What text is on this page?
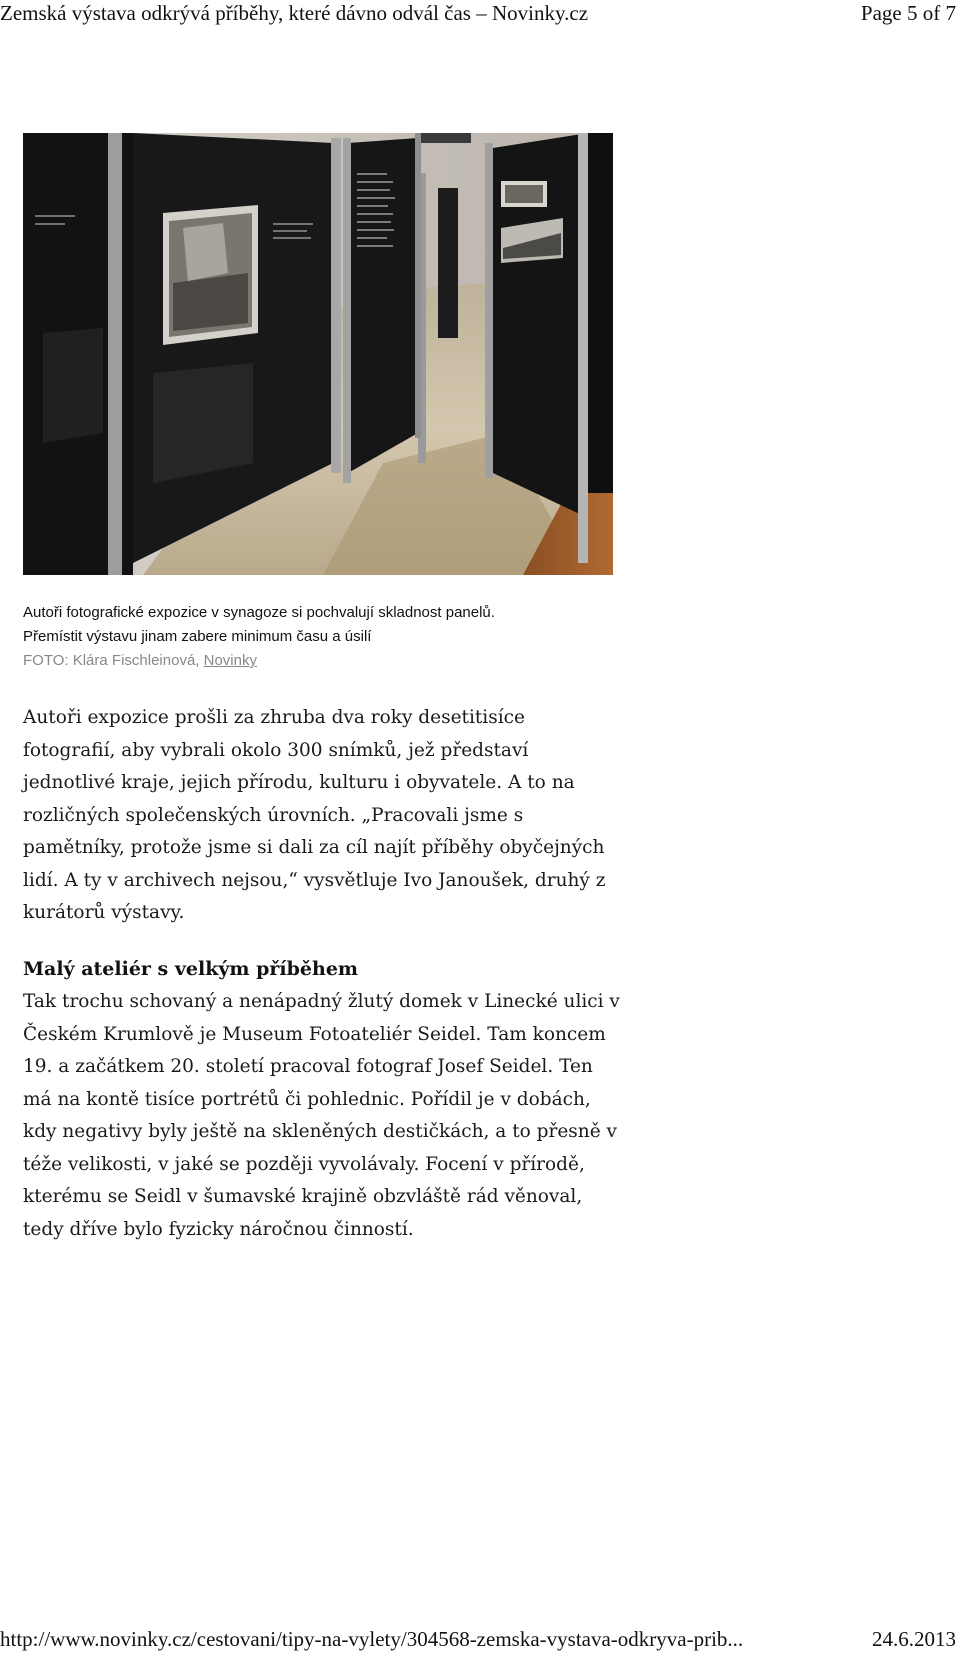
Zemská výstava odkrývá příběhy, které dávno odvál čas – Novinky.cz	Page 5 of 7
Autoři fotografické expozice v synagoze si pochvalují skladnost panelů.
Přemístit výstavu jinam zabere minimum času a úsilí
FOTO: Klára Fischleinová, Novinky

Autoři expozice prošli za zhruba dva roky desetitisíce fotografií, aby vybrali okolo 300 snímků, jež představí jednotlivé kraje, jejich přírodu, kulturu i obyvatele. A to na rozličných společenských úrovních. „Pracovali jsme s pamětníky, protože jsme si dali za cíl najít příběhy obyčejných lidí. A ty v archivech nejsou,“ vysvětluje Ivo Janoušek, druhý z kurátorů výstavy.

Malý ateliér s velkým příběhem

Tak trochu schovaný a nenápadný žlutý domek v Linecké ulici v Českém Krumlově je Museum Fotoateliér Seidel. Tam koncem 19. a začátkem 20. století pracoval fotograf Josef Seidel. Ten má na kontě tisíce portrétů či pohlednic. Pořídil je v dobách, kdy negativy byly ještě na skleněných destičkách, a to přesně v téže velikosti, v jaké se později vyvolávaly. Focení v přírodě, kterému se Seidl v šumavské krajině obzvláště rád věnoval, tedy dříve bylo fyzicky náročnou činností.

http://www.novinky.cz/cestovani/tipy-na-vylety/304568-zemska-vystava-odkryva-prib...	24.6.2013
